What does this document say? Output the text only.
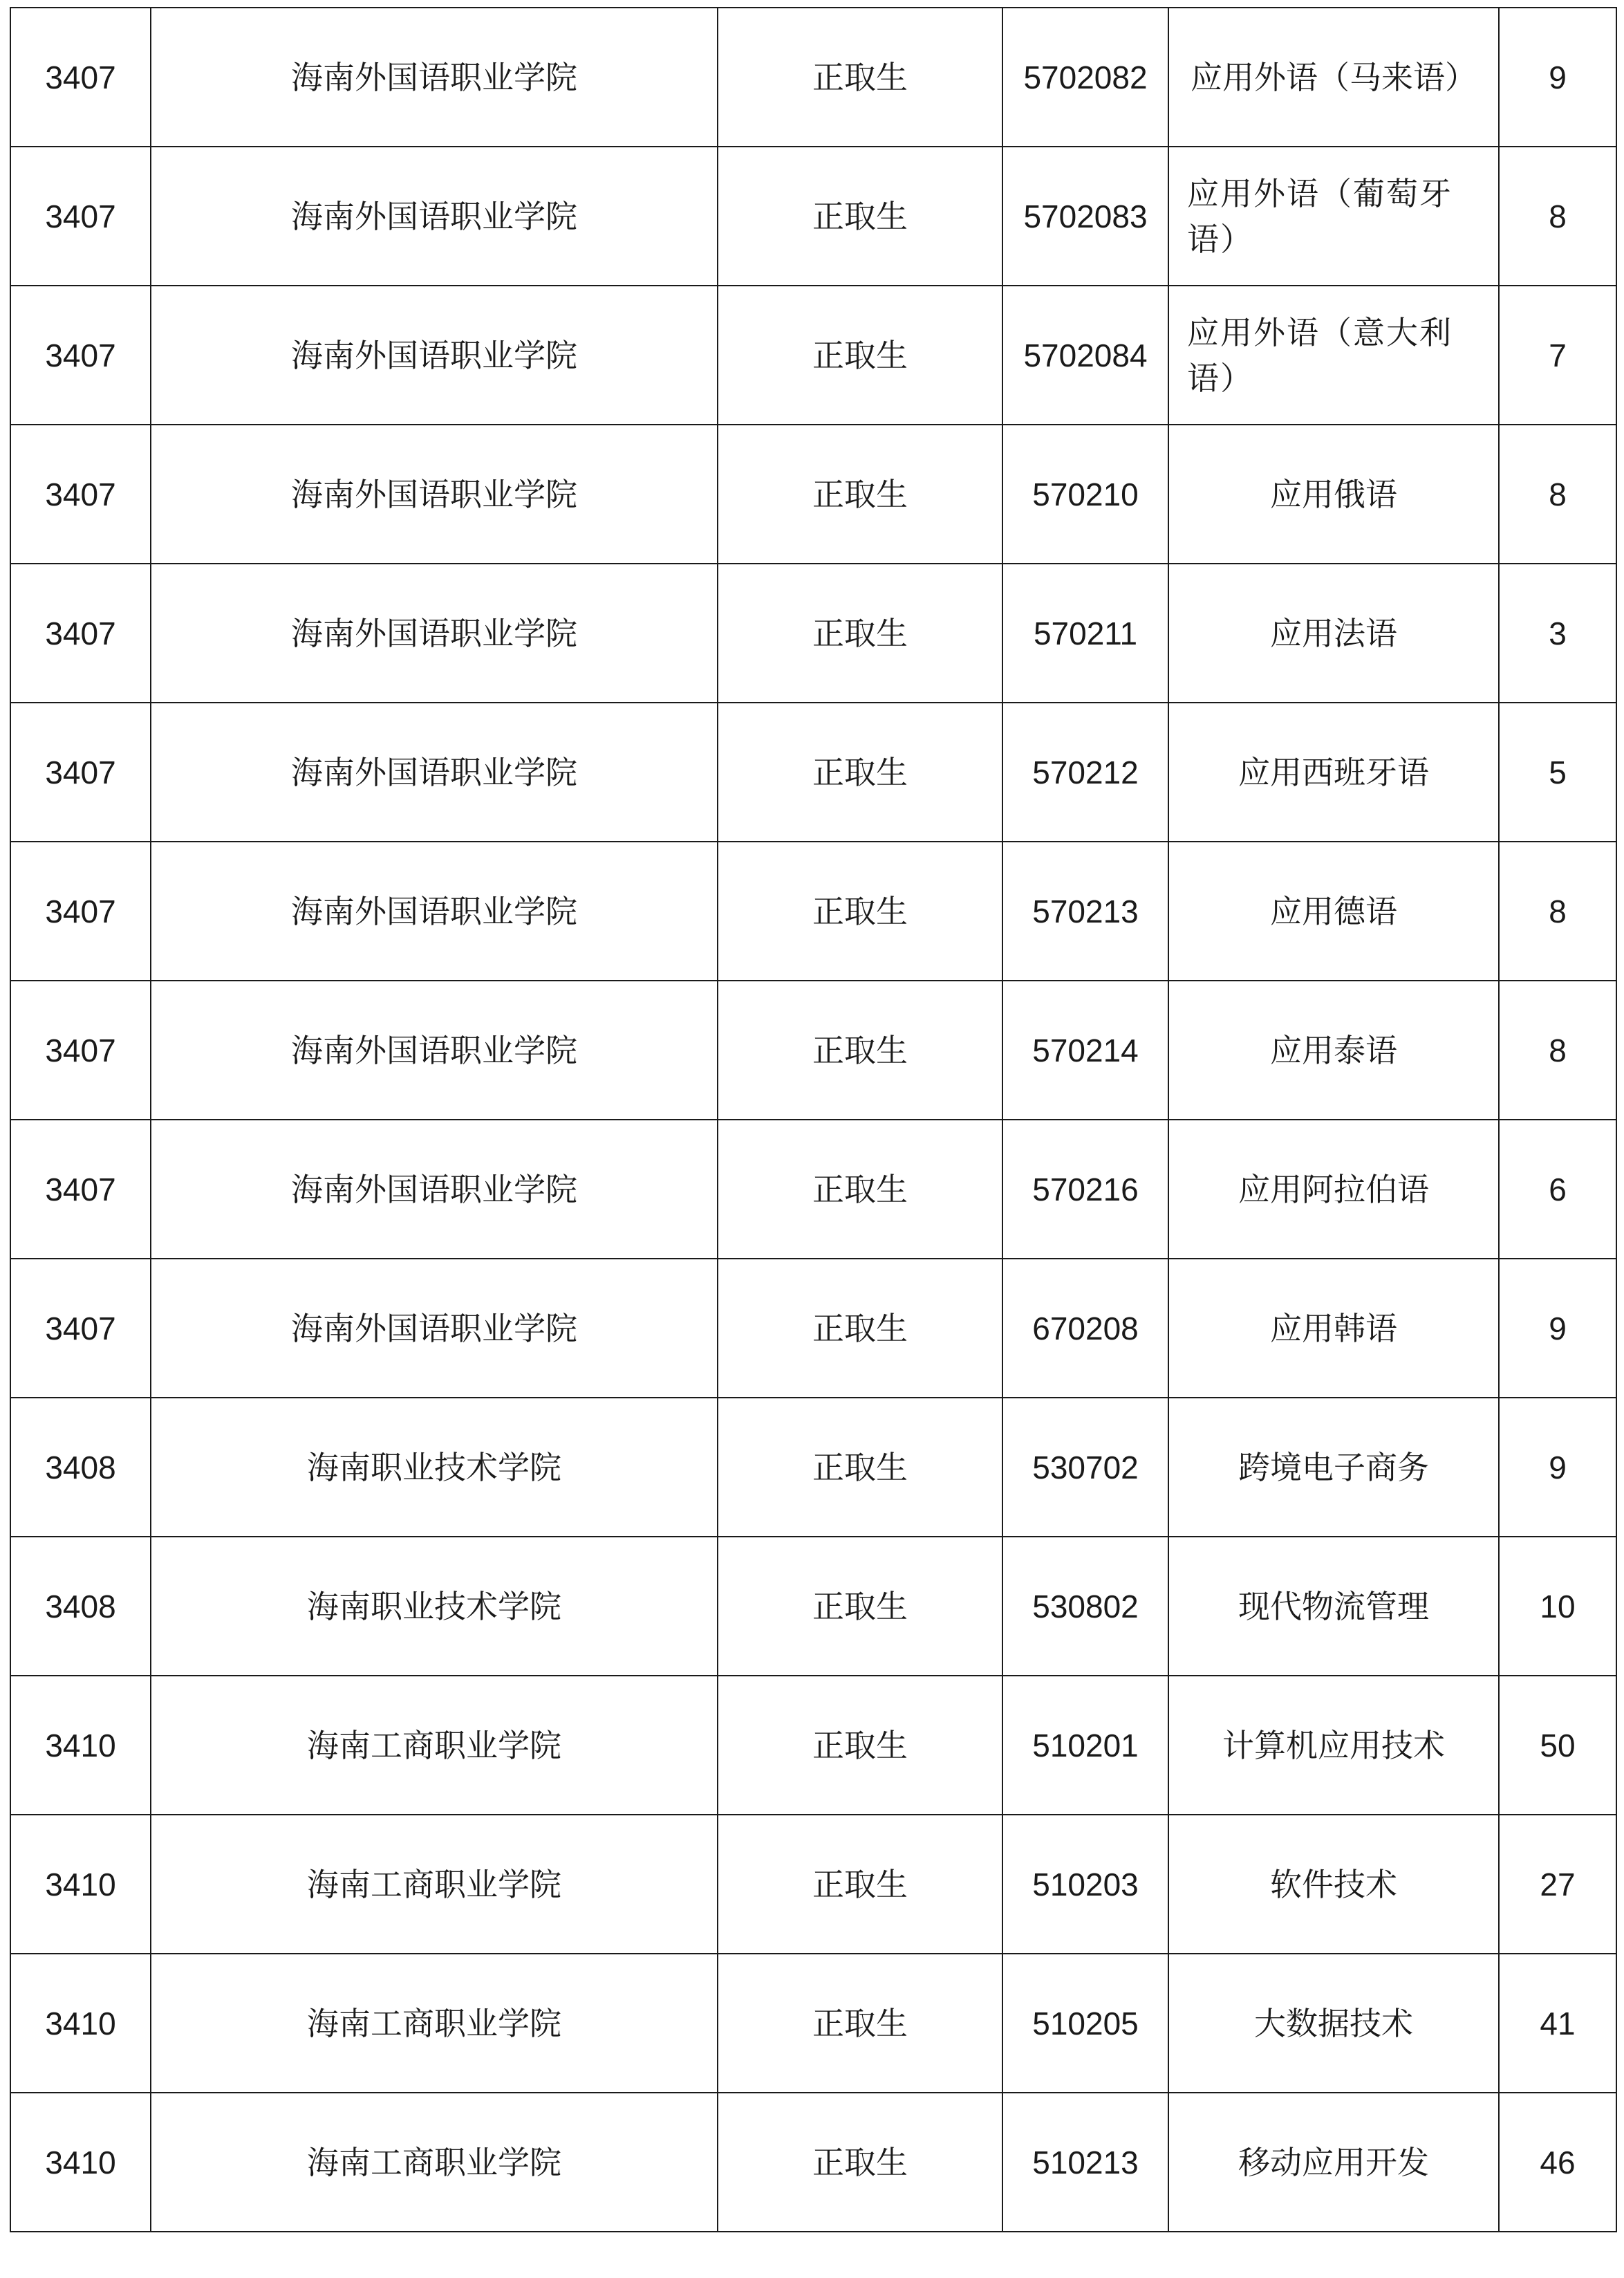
3407	海南外国语职业学院	正取生	5702082	应用外语（马来语）	9
3407	海南外国语职业学院	正取生	5702083	应用外语（葡萄牙语）	8
3407	海南外国语职业学院	正取生	5702084	应用外语（意大利语）	7
3407	海南外国语职业学院	正取生	570210	应用俄语	8
3407	海南外国语职业学院	正取生	570211	应用法语	3
3407	海南外国语职业学院	正取生	570212	应用西班牙语	5
3407	海南外国语职业学院	正取生	570213	应用德语	8
3407	海南外国语职业学院	正取生	570214	应用泰语	8
3407	海南外国语职业学院	正取生	570216	应用阿拉伯语	6
3407	海南外国语职业学院	正取生	670208	应用韩语	9
3408	海南职业技术学院	正取生	530702	跨境电子商务	9
3408	海南职业技术学院	正取生	530802	现代物流管理	10
3410	海南工商职业学院	正取生	510201	计算机应用技术	50
3410	海南工商职业学院	正取生	510203	软件技术	27
3410	海南工商职业学院	正取生	510205	大数据技术	41
3410	海南工商职业学院	正取生	510213	移动应用开发	46
